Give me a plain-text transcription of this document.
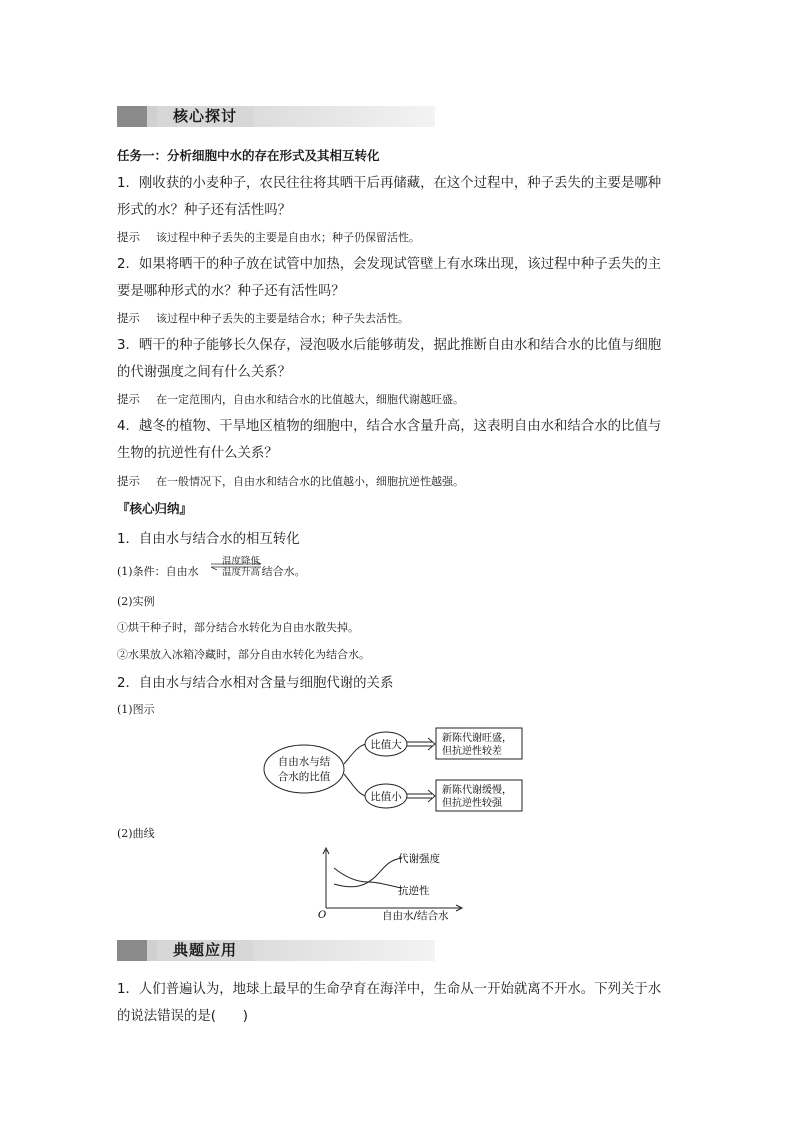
核心探讨
任务一：分析细胞中水的存在形式及其相互转化
1．刚收获的小麦种子，农民往往将其晒干后再储藏，在这个过程中，种子丢失的主要是哪种
形式的水？种子还有活性吗？
提示 该过程中种子丢失的主要是自由水；种子仍保留活性。
2．如果将晒干的种子放在试管中加热，会发现试管壁上有水珠出现，该过程中种子丢失的主
要是哪种形式的水？种子还有活性吗？
提示 该过程中种子丢失的主要是结合水；种子失去活性。
3．晒干的种子能够长久保存，浸泡吸水后能够萌发，据此推断自由水和结合水的比值与细胞
的代谢强度之间有什么关系？
提示 在一定范围内，自由水和结合水的比值越大，细胞代谢越旺盛。
4．越冬的植物、干旱地区植物的细胞中，结合水含量升高，这表明自由水和结合水的比值与
生物的抗逆性有什么关系？
提示 在一般情况下，自由水和结合水的比值越小，细胞抗逆性越强。
『核心归纳』
1．自由水与结合水的相互转化
(1)条件：自由水	结合水。
温度降低
温度升高
(2)实例
①烘干种子时，部分结合水转化为自由水散失掉。
②水果放入冰箱冷藏时，部分自由水转化为结合水。
2．自由水与结合水相对含量与细胞代谢的关系
(1)图示
自由水与结
合水的比值
比值大
比值小
新陈代谢旺盛，
但抗逆性较差
新陈代谢缓慢，
但抗逆性较强
(2)曲线
代谢强度
抗逆性
O	自由水/结合水
典题应用
1．人们普遍认为，地球上最早的生命孕育在海洋中，生命从一开始就离不开水。下列关于水
的说法错误的是(　　)
